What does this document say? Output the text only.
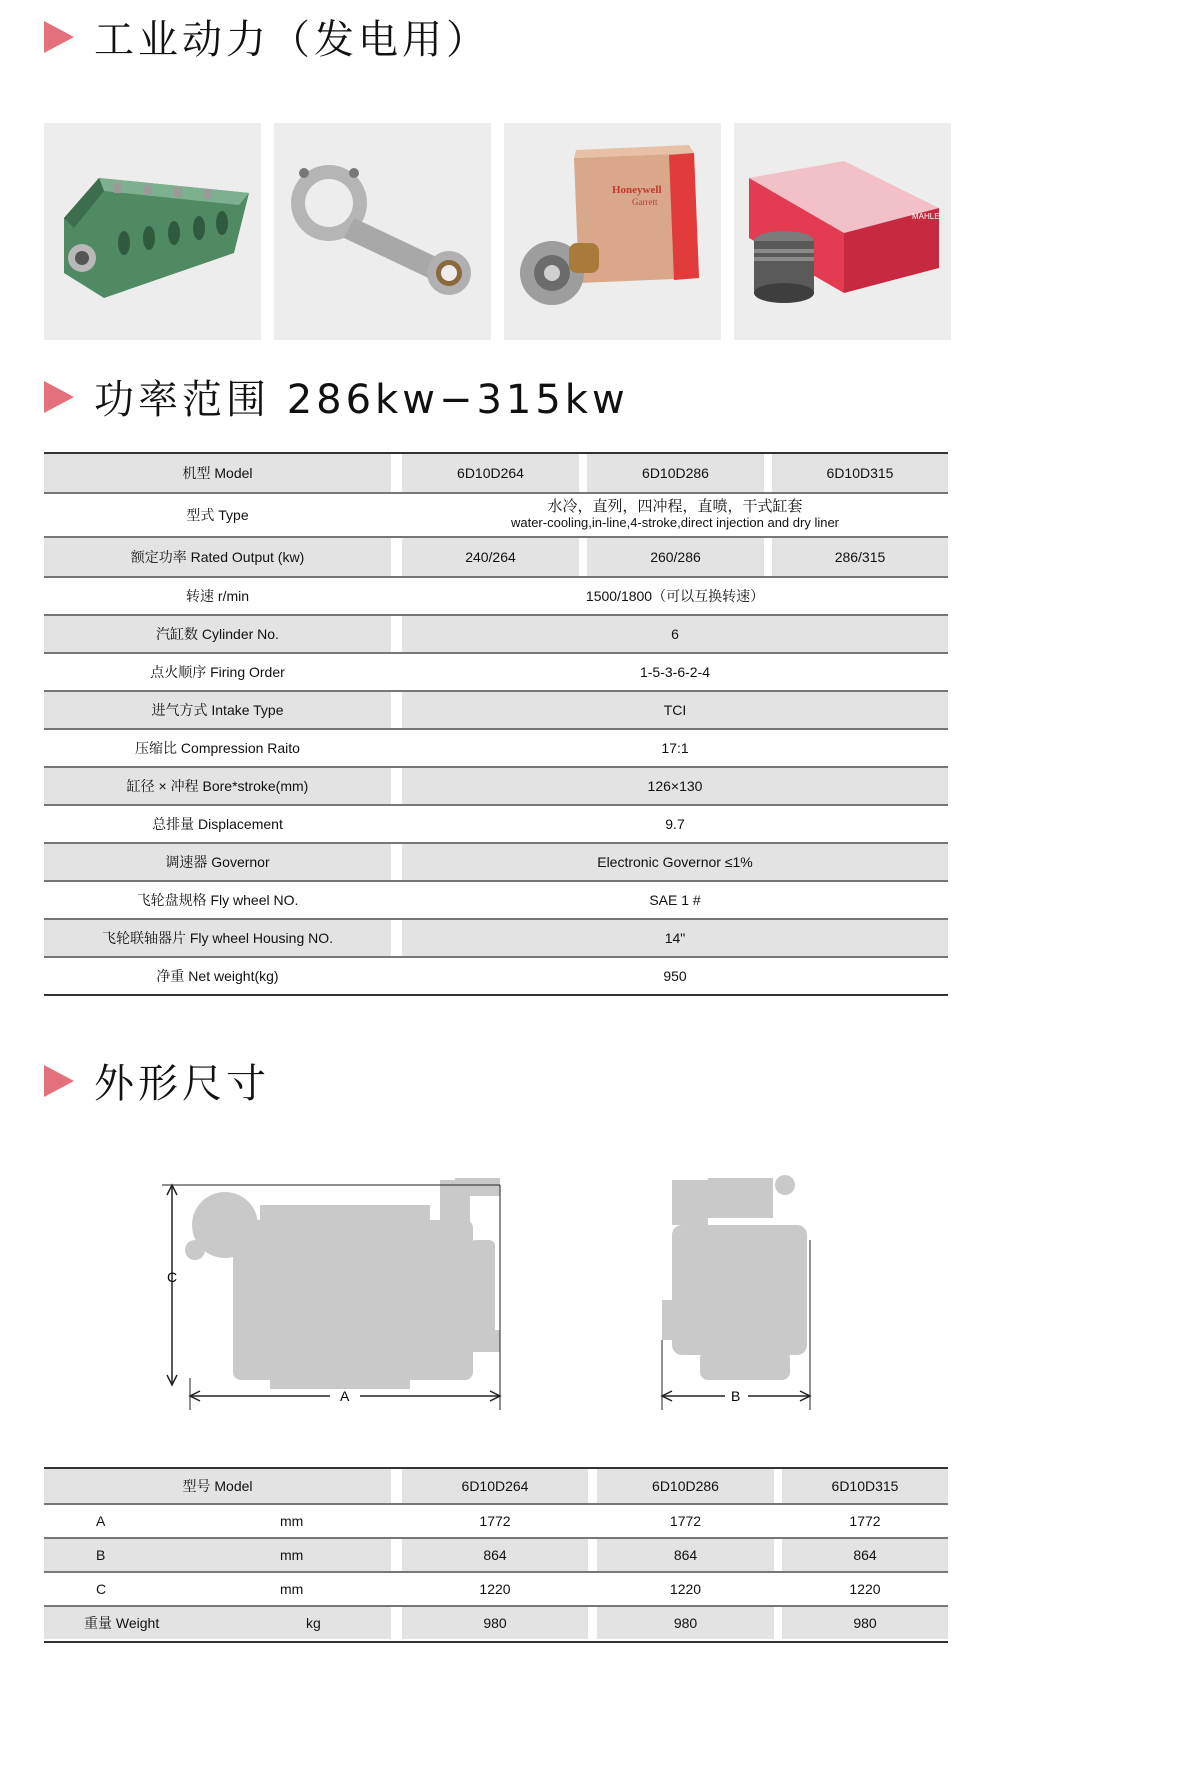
工业动力（发电用）
Honeywell
Garrett
MAHLE
功率范围 286kw−315kw
机型 Model	6D10D264	6D10D286	6D10D315
型式 Type	水冷，直列，四冲程，直喷，干式缸套
water-cooling,in-line,4-stroke,direct injection and dry liner
额定功率 Rated Output (kw)	240/264	260/286	286/315
转速 r/min	1500/1800（可以互换转速）
汽缸数 Cylinder No.	6
点火顺序 Firing Order	1-5-3-6-2-4
进气方式 Intake Type	TCI
压缩比 Compression Raito	17:1
缸径 × 冲程 Bore*stroke(mm)	126×130
总排量 Displacement	9.7
调速器 Governor	Electronic Governor ≤1%
飞轮盘规格 Fly wheel NO.	SAE 1 #
飞轮联轴器片 Fly wheel Housing NO.	14"
净重 Net weight(kg)	950
外形尺寸
C
A	B
型号 Model	6D10D264	6D10D286	6D10D315
A	mm	1772	1772	1772
B	mm	864	864	864
C	mm	1220	1220	1220
重量 Weight	kg	980	980	980
